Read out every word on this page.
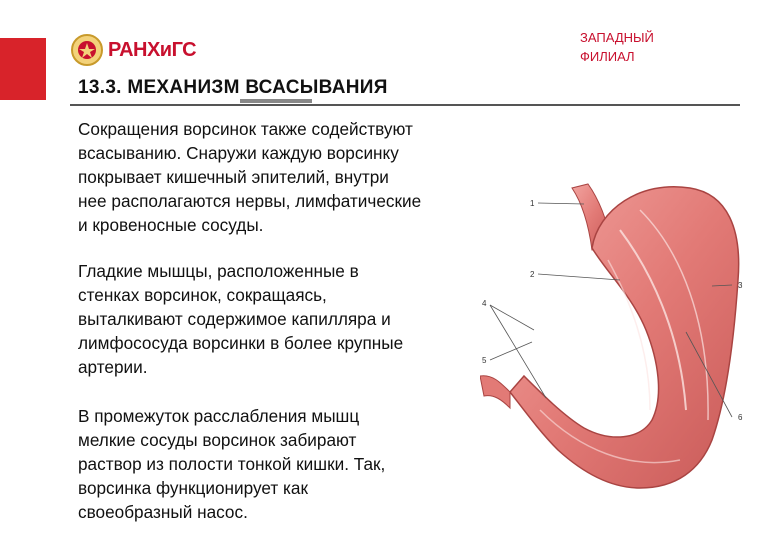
РАНХиГС
ЗАПАДНЫЙ
ФИЛИАЛ
13.3. МЕХАНИЗМ ВСАСЫВАНИЯ
Сокращения ворсинок также содействуют
всасыванию. Снаружи каждую ворсинку
покрывает кишечный эпителий, внутри
нее располагаются нервы, лимфатические
и кровеносные сосуды.
Гладкие мышцы, расположенные в
стенках ворсинок, сокращаясь,
выталкивают содержимое капилляра и
лимфососуда ворсинки в более крупные
артерии.
В промежуток расслабления мышц
мелкие сосуды ворсинок забирают
раствор из полости тонкой кишки. Так,
ворсинка функционирует как
своеобразный насос.
1
2
3
4
5
6
